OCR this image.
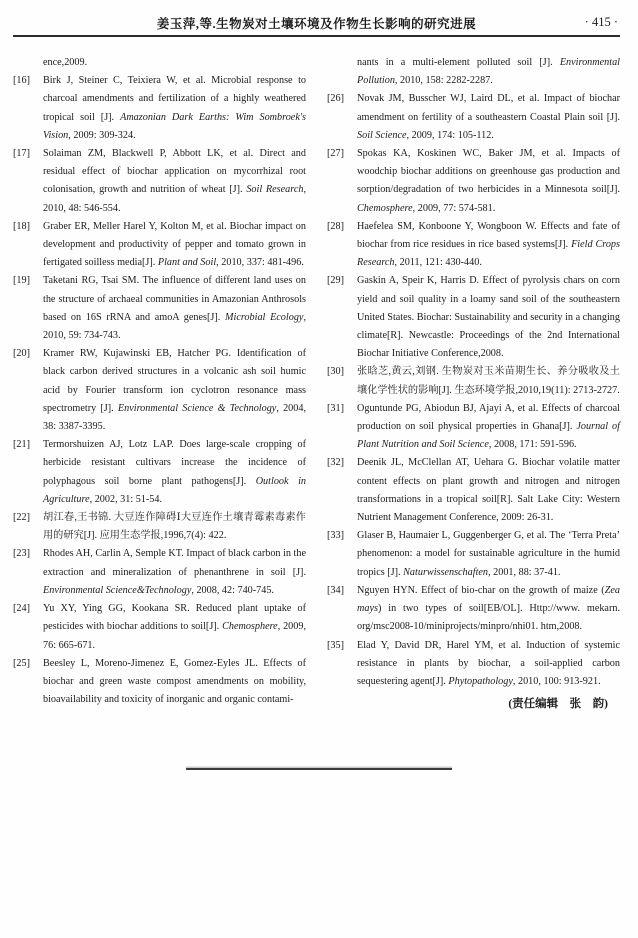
姜玉萍,等.生物炭对土壤环境及作物生长影响的研究进展	· 415 ·
ence,2009.
[16]	Birk J, Steiner C, Teixiera W, et al. Microbial response to charcoal amendments and fertilization of a highly weathered tropical soil [J]. Amazonian Dark Earths: Wim Sombroek's Vision, 2009: 309-324.
[17]	Solaiman ZM, Blackwell P, Abbott LK, et al. Direct and residual effect of biochar application on mycorrhizal root colonisation, growth and nutrition of wheat [J]. Soil Research, 2010, 48: 546-554.
[18]	Graber ER, Meller Harel Y, Kolton M, et al. Biochar impact on development and productivity of pepper and tomato grown in fertigated soilless media[J]. Plant and Soil, 2010, 337: 481-496.
[19]	Taketani RG, Tsai SM. The influence of different land uses on the structure of archaeal communities in Amazonian Anthrosols based on 16S rRNA and amoA genes[J]. Microbial Ecology, 2010, 59: 734-743.
[20]	Kramer RW, Kujawinski EB, Hatcher PG. Identification of black carbon derived structures in a volcanic ash soil humic acid by Fourier transform ion cyclotron resonance mass spectrometry [J]. Environmental Science & Technology, 2004, 38: 3387-3395.
[21]	Termorshuizen AJ, Lotz LAP. Does large-scale cropping of herbicide resistant cultivars increase the incidence of polyphagous soil borne plant pathogens[J]. Outlook in Agriculture, 2002, 31: 51-54.
[22]	胡江春,王书锦. 大豆连作障碍Ⅰ大豆连作土壤青霉素毒素作用的研究[J]. 应用生态学报,1996,7(4): 422.
[23]	Rhodes AH, Carlin A, Semple KT. Impact of black carbon in the extraction and mineralization of phenanthrene in soil [J]. Environmental Science&Technology, 2008, 42: 740-745.
[24]	Yu XY, Ying GG, Kookana SR. Reduced plant uptake of pesticides with biochar additions to soil[J]. Chemosphere, 2009, 76: 665-671.
[25]	Beesley L, Moreno-Jimenez E, Gomez-Eyles JL. Effects of biochar and green waste compost amendments on mobility, bioavailability and toxicity of inorganic and organic contami-
nants in a multi-element polluted soil [J]. Environmental Pollution, 2010, 158: 2282-2287.
[26]	Novak JM, Busscher WJ, Laird DL, et al. Impact of biochar amendment on fertility of a southeastern Coastal Plain soil [J]. Soil Science, 2009, 174: 105-112.
[27]	Spokas KA, Koskinen WC, Baker JM, et al. Impacts of woodchip biochar additions on greenhouse gas production and sorption/degradation of two herbicides in a Minnesota soil[J]. Chemosphere, 2009, 77: 574-581.
[28]	Haefelea SM, Konboone Y, Wongboon W. Effects and fate of biochar from rice residues in rice based systems[J]. Field Crops Research, 2011, 121: 430-440.
[29]	Gaskin A, Speir K, Harris D. Effect of pyrolysis chars on corn yield and soil quality in a loamy sand soil of the southeastern United States. Biochar: Sustainability and security in a changing climate[R]. Newcastle: Proceedings of the 2nd International Biochar Initiative Conference,2008.
[30]	张晗芝,黄云,刘钢. 生物炭对玉米苗期生长、养分吸收及土壤化学性状的影响[J]. 生态环境学报,2010,19(11): 2713-2727.
[31]	Oguntunde PG, Abiodun BJ, Ajayi A, et al. Effects of charcoal production on soil physical properties in Ghana[J]. Journal of Plant Nutrition and Soil Science, 2008, 171: 591-596.
[32]	Deenik JL, McClellan AT, Uehara G. Biochar volatile matter content effects on plant growth and nitrogen and nitrogen transformations in a tropical soil[R]. Salt Lake City: Western Nutrient Management Conference, 2009: 26-31.
[33]	Glaser B, Haumaier L, Guggenberger G, et al. The ‘Terra Preta’ phenomenon: a model for sustainable agriculture in the humid tropics [J]. Naturwissenschaften, 2001, 88: 37-41.
[34]	Nguyen HYN. Effect of bio-char on the growth of maize (Zea mays) in two types of soil[EB/OL]. Http://www. mekarn. org/msc2008-10/miniprojects/minpro/nhi01. htm,2008.
[35]	Elad Y, David DR, Harel YM, et al. Induction of systemic resistance in plants by biochar, a soil-applied carbon sequestering agent[J]. Phytopathology, 2010, 100: 913-921.
(责任编辑　张　韵)
